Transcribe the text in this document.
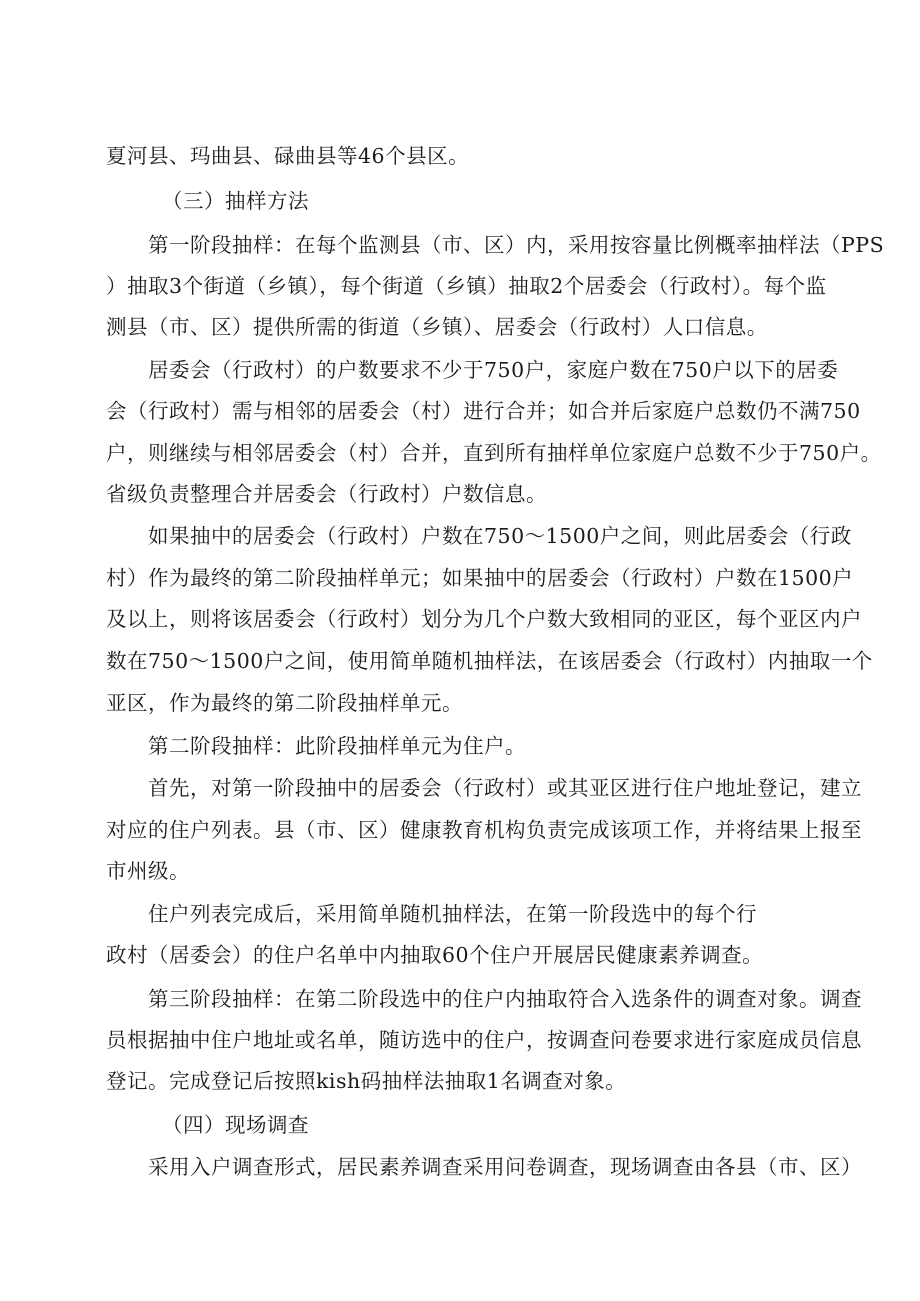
夏河县、玛曲县、碌曲县等46个县区。
（三）抽样方法
第一阶段抽样：在每个监测县（市、区）内，采用按容量比例概率抽样法（PPS
）抽取3个街道（乡镇），每个街道（乡镇）抽取2个居委会（行政村）。每个监
测县（市、区）提供所需的街道（乡镇）、居委会（行政村）人口信息。
居委会（行政村）的户数要求不少于750户，家庭户数在750户以下的居委
会（行政村）需与相邻的居委会（村）进行合并；如合并后家庭户总数仍不满750
户，则继续与相邻居委会（村）合并，直到所有抽样单位家庭户总数不少于750户。
省级负责整理合并居委会（行政村）户数信息。
如果抽中的居委会（行政村）户数在750～1500户之间，则此居委会（行政
村）作为最终的第二阶段抽样单元；如果抽中的居委会（行政村）户数在1500户
及以上，则将该居委会（行政村）划分为几个户数大致相同的亚区，每个亚区内户
数在750～1500户之间，使用简单随机抽样法，在该居委会（行政村）内抽取一个
亚区，作为最终的第二阶段抽样单元。
第二阶段抽样：此阶段抽样单元为住户。
首先，对第一阶段抽中的居委会（行政村）或其亚区进行住户地址登记，建立
对应的住户列表。县（市、区）健康教育机构负责完成该项工作，并将结果上报至
市州级。
住户列表完成后，采用简单随机抽样法，在第一阶段选中的每个行
政村（居委会）的住户名单中内抽取60个住户开展居民健康素养调查。
第三阶段抽样：在第二阶段选中的住户内抽取符合入选条件的调查对象。调查
员根据抽中住户地址或名单，随访选中的住户，按调查问卷要求进行家庭成员信息
登记。完成登记后按照kish码抽样法抽取1名调查对象。
（四）现场调查
采用入户调查形式，居民素养调查采用问卷调查，现场调查由各县（市、区）
